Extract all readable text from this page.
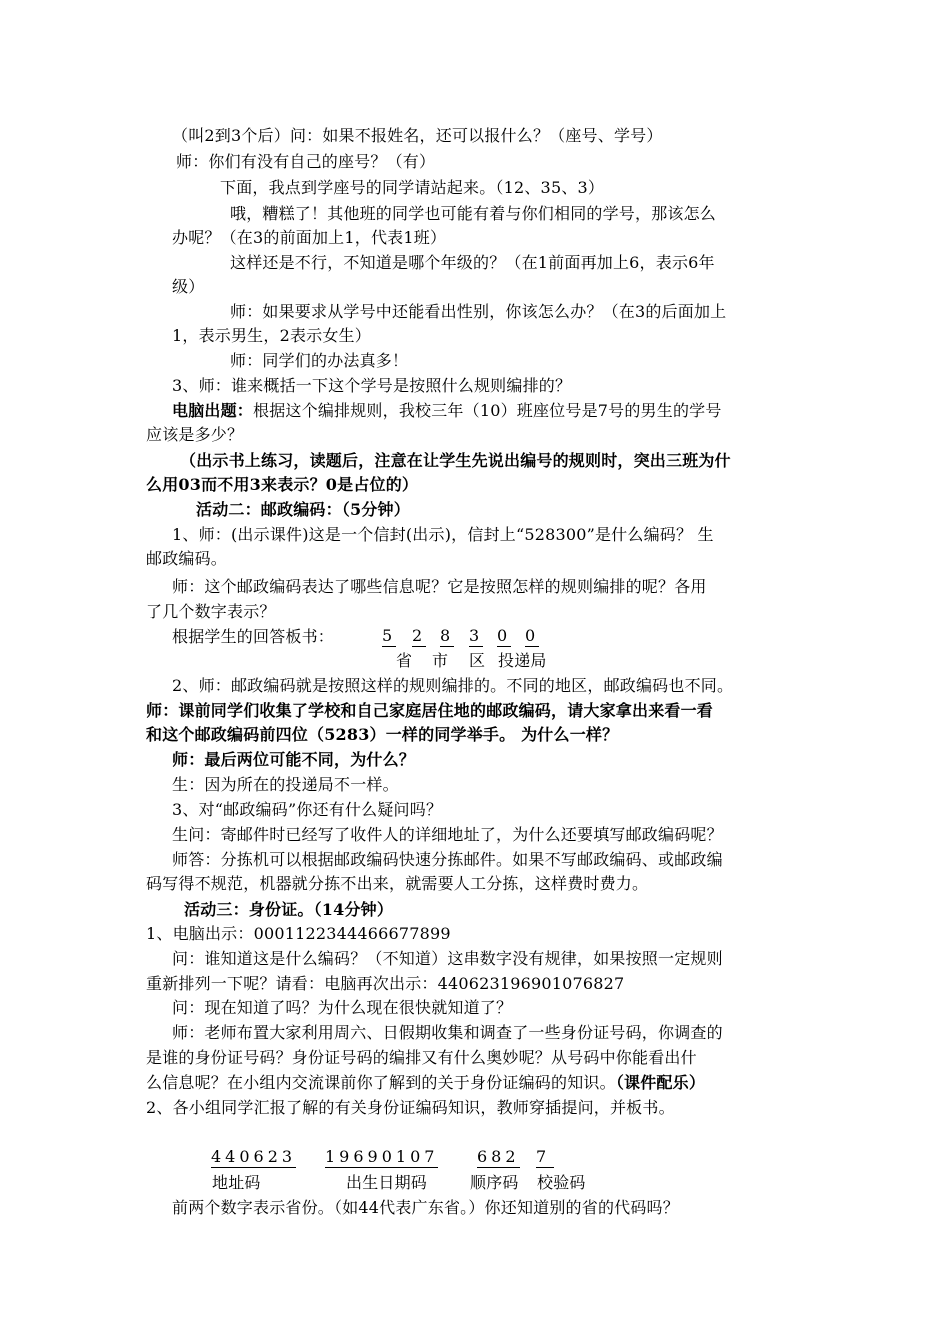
（叫2到3个后）问：如果不报姓名，还可以报什么？（座号、学号）
师：你们有没有自己的座号？（有）
下面，我点到学座号的同学请站起来。（12、35、3）
哦，糟糕了！其他班的同学也可能有着与你们相同的学号，那该怎么
办呢？（在3的前面加上1，代表1班）
这样还是不行，不知道是哪个年级的？（在1前面再加上6，表示6年
级）
师：如果要求从学号中还能看出性别，你该怎么办？（在3的后面加上
1，表示男生，2表示女生）
师：同学们的办法真多！
3、师：谁来概括一下这个学号是按照什么规则编排的？
电脑出题：根据这个编排规则，我校三年（10）班座位号是7号的男生的学号
应该是多少？
（出示书上练习，读题后，注意在让学生先说出编号的规则时，突出三班为什
么用03而不用3来表示？0是占位的）
活动二：邮政编码：（5分钟）
1、师：(出示课件)这是一个信封(出示)，信封上“528300”是什么编码？ 生
邮政编码。
师：这个邮政编码表达了哪些信息呢？它是按照怎样的规则编排的呢？各用
了几个数字表示？
根据学生的回答板书：	5 2 8 3 0 0
省 市 区 投递局
2、师：邮政编码就是按照这样的规则编排的。不同的地区，邮政编码也不同。
师：课前同学们收集了学校和自己家庭居住地的邮政编码，请大家拿出来看一看
和这个邮政编码前四位（5283）一样的同学举手。 为什么一样？
师：最后两位可能不同，为什么？
生：因为所在的投递局不一样。
3、对“邮政编码”你还有什么疑问吗？
生问：寄邮件时已经写了收件人的详细地址了，为什么还要填写邮政编码呢？
师答：分拣机可以根据邮政编码快速分拣邮件。如果不写邮政编码、或邮政编
码写得不规范，机器就分拣不出来，就需要人工分拣，这样费时费力。
活动三：身份证。（14分钟）
1、电脑出示：0001122344466677899
问：谁知道这是什么编码？（不知道）这串数字没有规律，如果按照一定规则
重新排列一下呢？请看：电脑再次出示：440623196901076827
问：现在知道了吗？为什么现在很快就知道了？
师：老师布置大家利用周六、日假期收集和调查了一些身份证号码，你调查的
是谁的身份证号码？身份证号码的编排又有什么奥妙呢？从号码中你能看出什
么信息呢？在小组内交流课前你了解到的关于身份证编码的知识。（课件配乐）
2、各小组同学汇报了解的有关身份证编码知识，教师穿插提问，并板书。
440623 19690107 682 7
地址码	出生日期码	顺序码 校验码
前两个数字表示省份。（如44代表广东省。）你还知道别的省的代码吗？
